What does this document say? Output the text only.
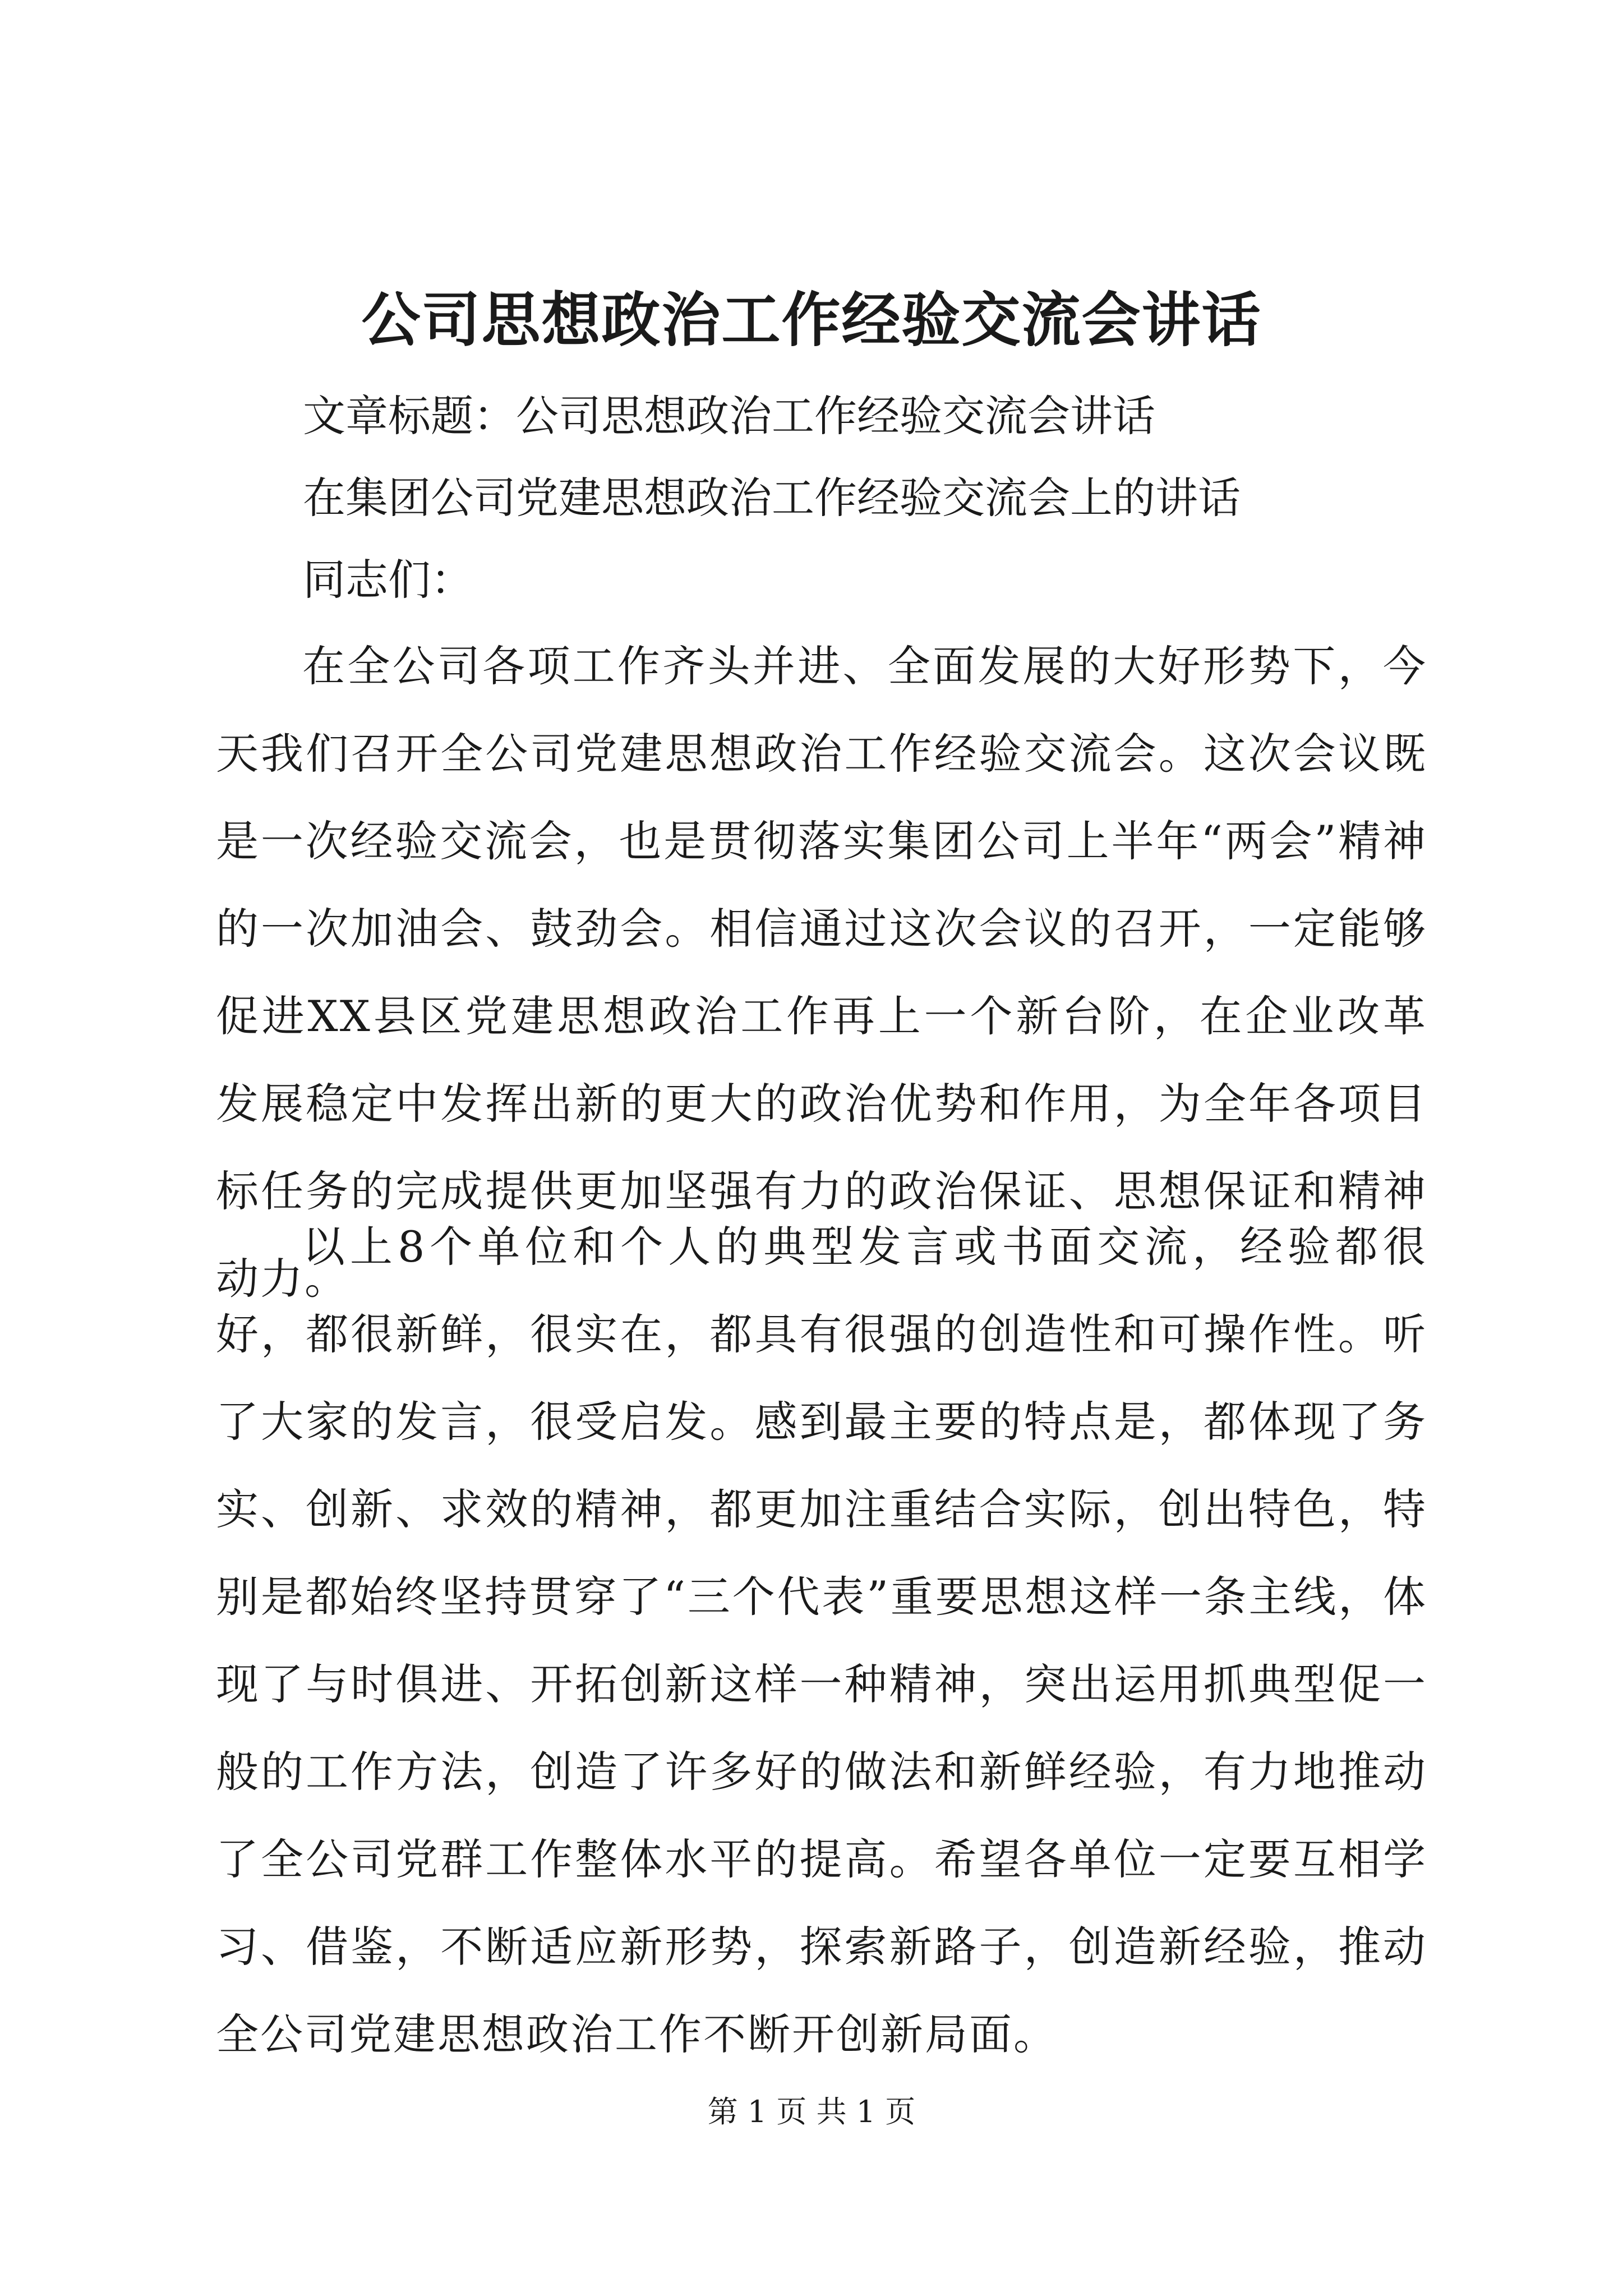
公司思想政治工作经验交流会讲话

文章标题：公司思想政治工作经验交流会讲话

在集团公司党建思想政治工作经验交流会上的讲话

同志们：

在全公司各项工作齐头并进、全面发展的大好形势下，今天我们召开全公司党建思想政治工作经验交流会。这次会议既是一次经验交流会，也是贯彻落实集团公司上半年“两会”精神的一次加油会、鼓劲会。相信通过这次会议的召开，一定能够促进XX县区党建思想政治工作再上一个新台阶，在企业改革发展稳定中发挥出新的更大的政治优势和作用，为全年各项目标任务的完成提供更加坚强有力的政治保证、思想保证和精神动力。

以上8个单位和个人的典型发言或书面交流，经验都很好，都很新鲜，很实在，都具有很强的创造性和可操作性。听了大家的发言，很受启发。感到最主要的特点是，都体现了务实、创新、求效的精神，都更加注重结合实际，创出特色，特别是都始终坚持贯穿了“三个代表”重要思想这样一条主线，体现了与时俱进、开拓创新这样一种精神，突出运用抓典型促一般的工作方法，创造了许多好的做法和新鲜经验，有力地推动了全公司党群工作整体水平的提高。希望各单位一定要互相学习、借鉴，不断适应新形势，探索新路子，创造新经验，推动全公司党建思想政治工作不断开创新局面。

第 1 页 共 1 页
